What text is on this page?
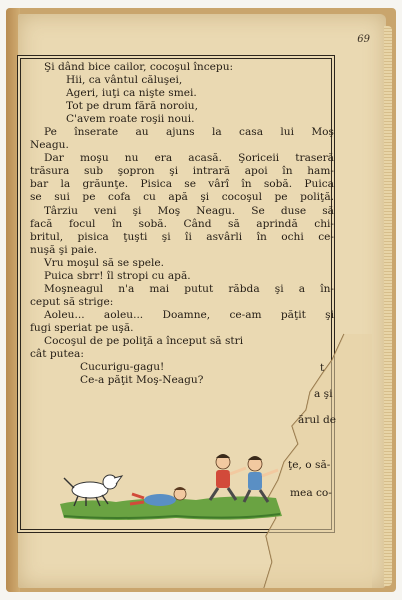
69
Şi dând bice cailor, cocoşul începu:
Hii, ca vântul căluşei,
Ageri, iuţi ca nişte smei.
Tot pe drum fără noroiu,
C'avem roate roşii noui.
Pe înserate au ajuns la casa lui Moş
Neagu.
Dar moşu nu era acasă. Şoriceii traseră
trăsura sub şopron şi intrară apoi în ham-
bar la grăunţe. Pisica se vârî în sobă. Puica
se sui pe cofa cu apă şi cocoşul pe poliţă.
Târziu veni şi Moş Neagu. Se duse să
facă focul în sobă. Când să aprindă chi-
britul, pisica ţuşti şi îi asvârli în ochi ce-
nuşă şi paie.
Vru moşul să se spele.
Puica sbrr! îl stropi cu apă.
Moşneagul n'a mai putut răbda şi a în-
ceput să strige:
Aoleu... aoleu... Doamne, ce-am păţit şi
fugi speriat pe uşă.
Cocoşul de pe poliţă a început să stri
cât putea:
Cucurigu-gagu!
Ce-a păţit Moş-Neagu?
t
a şi
ărul de
ţe, o să-
mea co-
